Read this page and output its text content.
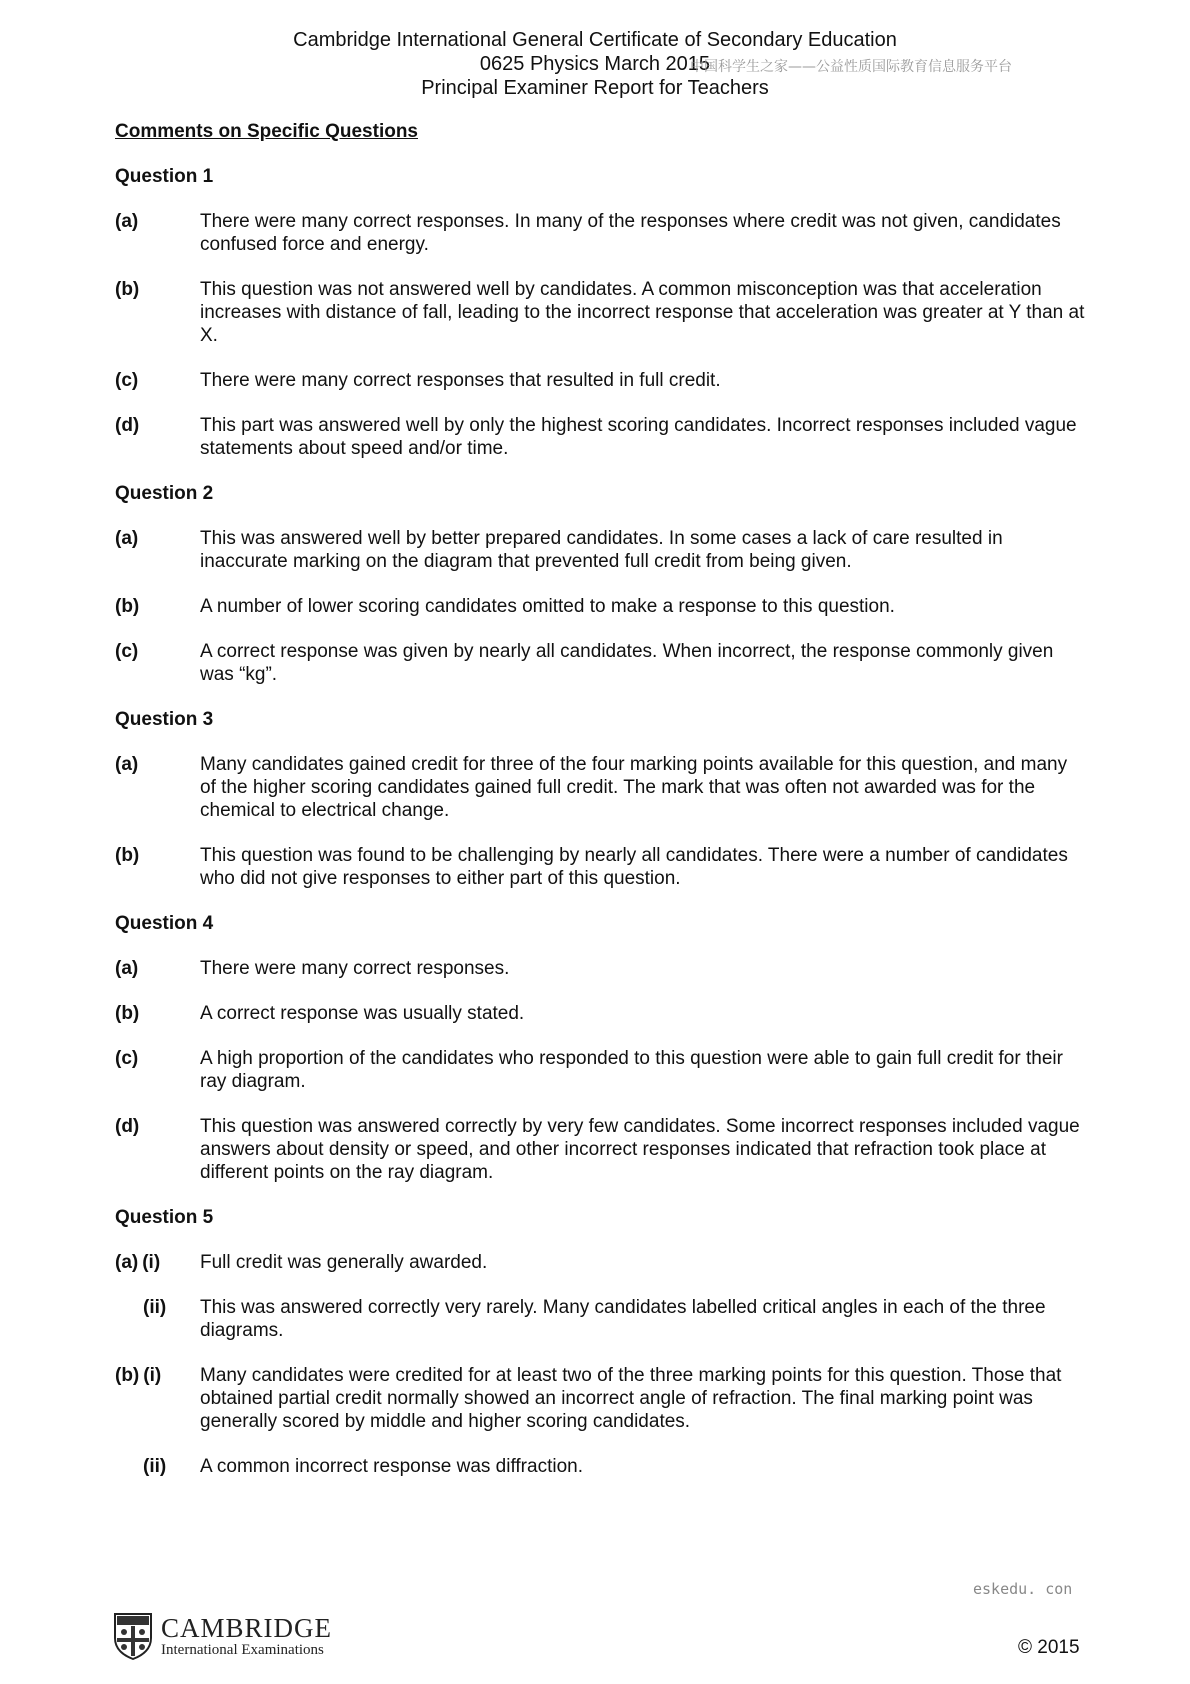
Cambridge International General Certificate of Secondary Education
0625 Physics March 2015
Principal Examiner Report for Teachers
中国科学生之家——公益性质国际教育信息服务平台
Comments on Specific Questions
Question 1
(a)	There were many correct responses. In many of the responses where credit was not given, candidates confused force and energy.
(b)	This question was not answered well by candidates. A common misconception was that acceleration increases with distance of fall, leading to the incorrect response that acceleration was greater at Y than at X.
(c)	There were many correct responses that resulted in full credit.
(d)	This part was answered well by only the highest scoring candidates. Incorrect responses included vague statements about speed and/or time.
Question 2
(a)	This was answered well by better prepared candidates. In some cases a lack of care resulted in inaccurate marking on the diagram that prevented full credit from being given.
(b)	A number of lower scoring candidates omitted to make a response to this question.
(c)	A correct response was given by nearly all candidates. When incorrect, the response commonly given was “kg”.
Question 3
(a)	Many candidates gained credit for three of the four marking points available for this question, and many of the higher scoring candidates gained full credit. The mark that was often not awarded was for the chemical to electrical change.
(b)	This question was found to be challenging by nearly all candidates. There were a number of candidates who did not give responses to either part of this question.
Question 4
(a)	There were many correct responses.
(b)	A correct response was usually stated.
(c)	A high proportion of the candidates who responded to this question were able to gain full credit for their ray diagram.
(d)	This question was answered correctly by very few candidates. Some incorrect responses included vague answers about density or speed, and other incorrect responses indicated that refraction took place at different points on the ray diagram.
Question 5
(a) (i)	Full credit was generally awarded.
(ii)	This was answered correctly very rarely. Many candidates labelled critical angles in each of the three diagrams.
(b) (i)	Many candidates were credited for at least two of the three marking points for this question. Those that obtained partial credit normally showed an incorrect angle of refraction. The final marking point was generally scored by middle and higher scoring candidates.
(ii)	A common incorrect response was diffraction.
eskedu. con
CAMBRIDGE
International Examinations	© 2015
